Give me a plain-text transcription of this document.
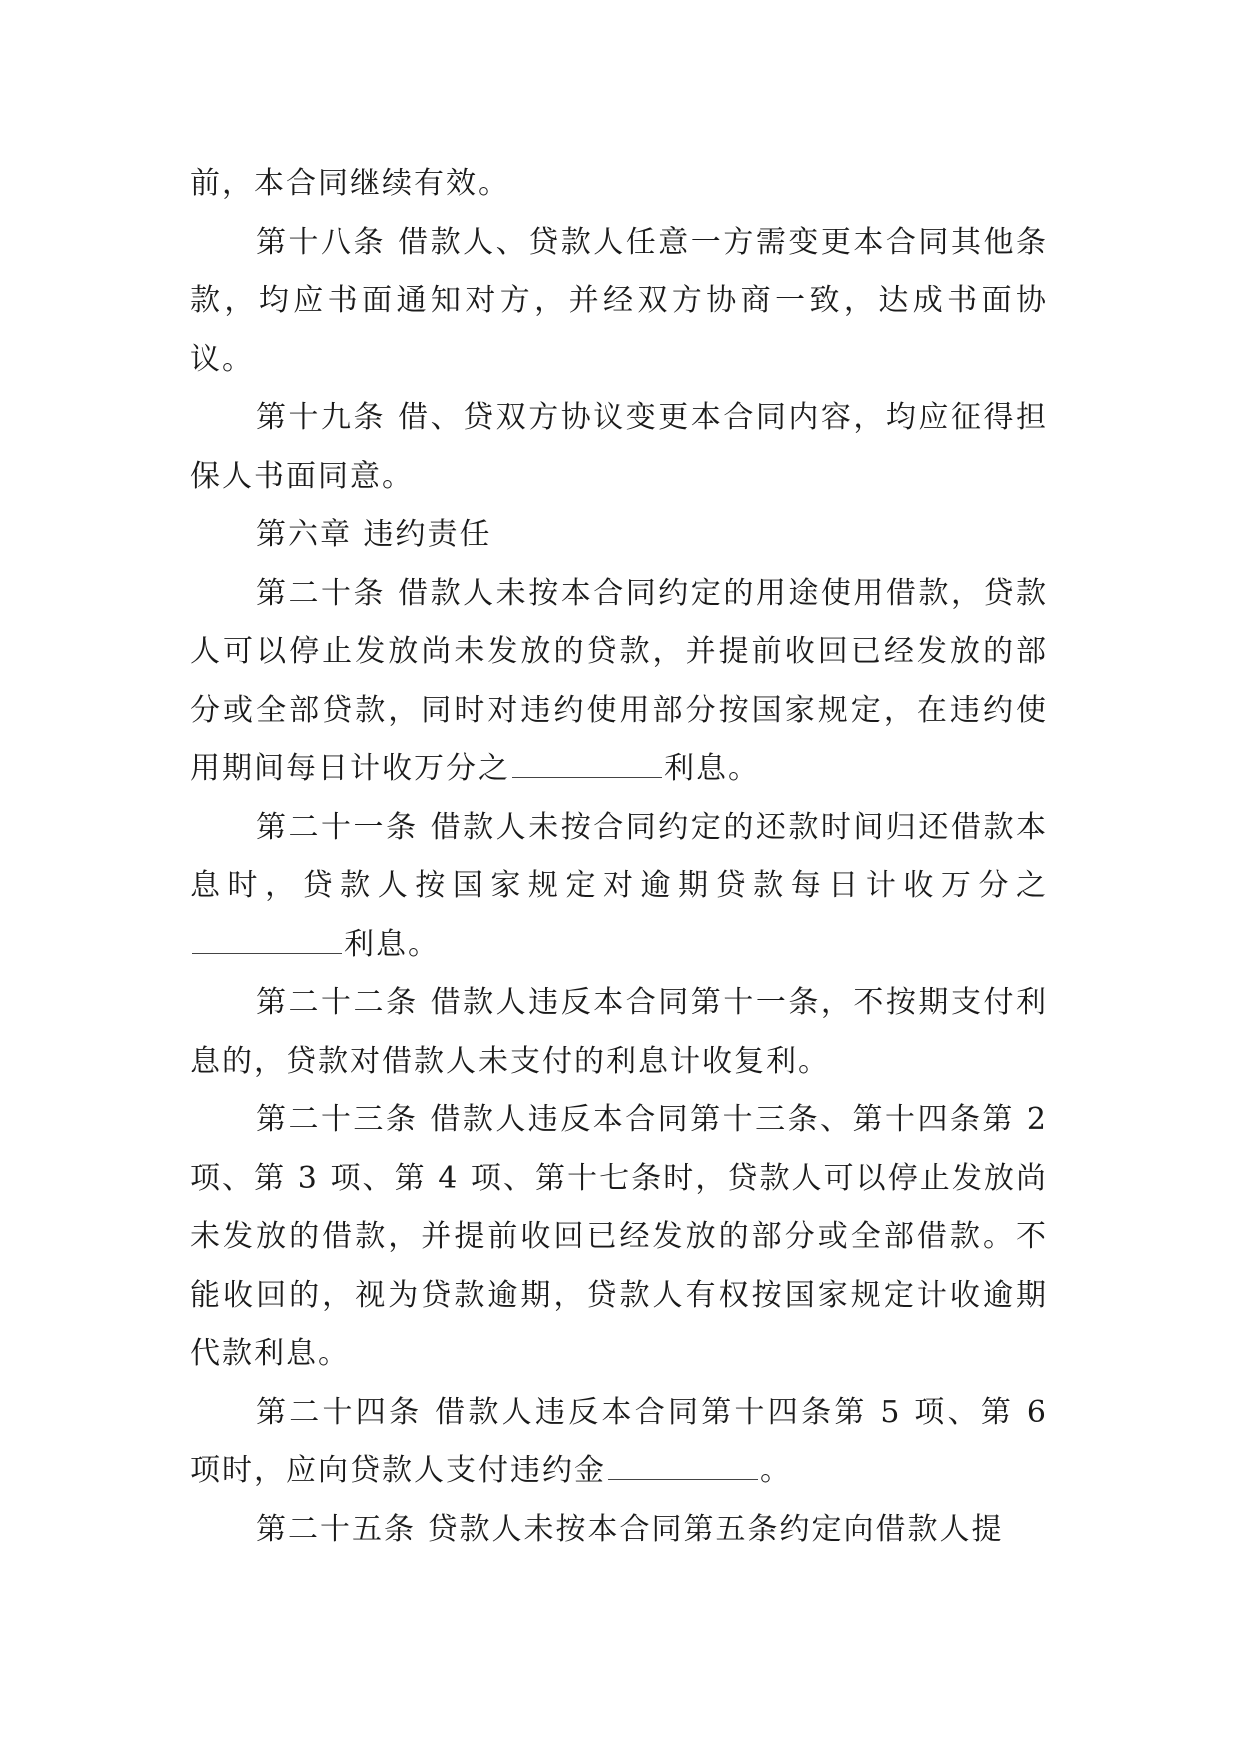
前，本合同继续有效。

第十八条 借款人、贷款人任意一方需变更本合同其他条款，均应书面通知对方，并经双方协商一致，达成书面协议。

第十九条 借、贷双方协议变更本合同内容，均应征得担保人书面同意。

第六章 违约责任

第二十条 借款人未按本合同约定的用途使用借款，贷款人可以停止发放尚未发放的贷款，并提前收回已经发放的部分或全部贷款，同时对违约使用部分按国家规定，在违约使用期间每日计收万分之	利息。

第二十一条 借款人未按合同约定的还款时间归还借款本息时，贷款人按国家规定对逾期贷款每日计收万分之利息。

第二十二条 借款人违反本合同第十一条，不按期支付利息的，贷款对借款人未支付的利息计收复利。

第二十三条 借款人违反本合同第十三条、第十四条第 2 项、第 3 项、第 4 项、第十七条时，贷款人可以停止发放尚未发放的借款，并提前收回已经发放的部分或全部借款。不能收回的，视为贷款逾期，贷款人有权按国家规定计收逾期代款利息。

第二十四条 借款人违反本合同第十四条第 5 项、第 6 项时，应向贷款人支付违约金	。

第二十五条 贷款人未按本合同第五条约定向借款人提
